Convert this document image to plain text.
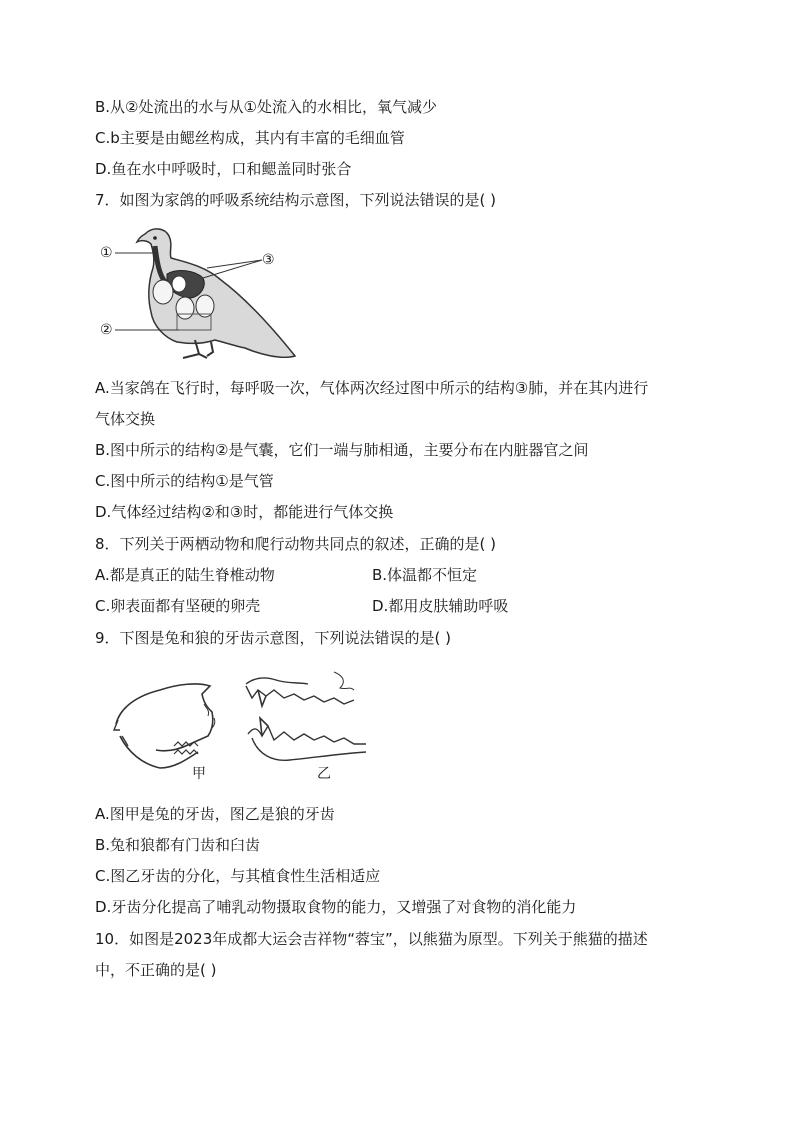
B.从②处流出的水与从①处流入的水相比，氧气减少
C.b主要是由鳃丝构成，其内有丰富的毛细血管
D.鱼在水中呼吸时，口和鳃盖同时张合
7．如图为家鸽的呼吸系统结构示意图，下列说法错误的是( )
①
②
③
A.当家鸽在飞行时，每呼吸一次，气体两次经过图中所示的结构③肺，并在其内进行
气体交换
B.图中所示的结构②是气囊，它们一端与肺相通，主要分布在内脏器官之间
C.图中所示的结构①是气管
D.气体经过结构②和③时，都能进行气体交换
8．下列关于两栖动物和爬行动物共同点的叙述，正确的是( )
A.都是真正的陆生脊椎动物	B.体温都不恒定
C.卵表面都有坚硬的卵壳	D.都用皮肤辅助呼吸
9．下图是兔和狼的牙齿示意图，下列说法错误的是( )
甲	乙
A.图甲是兔的牙齿，图乙是狼的牙齿
B.兔和狼都有门齿和臼齿
C.图乙牙齿的分化，与其植食性生活相适应
D.牙齿分化提高了哺乳动物摄取食物的能力，又增强了对食物的消化能力
10．如图是2023年成都大运会吉祥物“蓉宝”，以熊猫为原型。下列关于熊猫的描述
中，不正确的是( )
